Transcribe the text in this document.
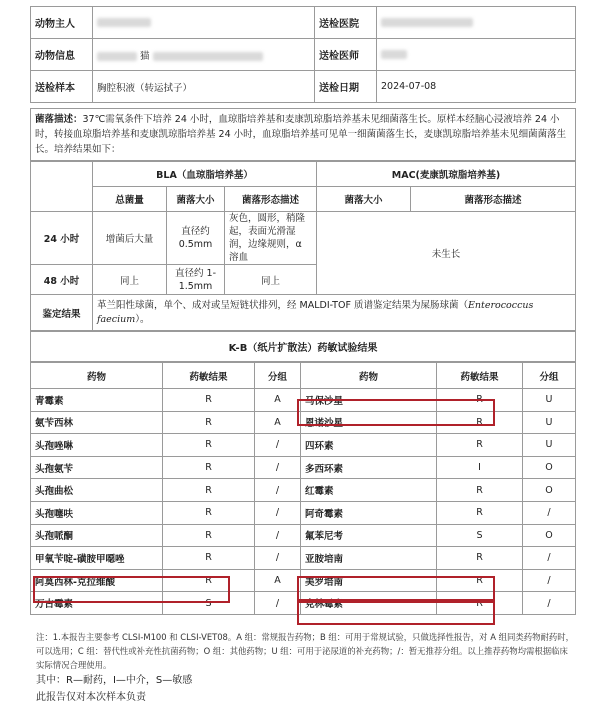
动物主人		送检医院	
动物信息	猫	送检医师	
送检样本	胸腔积液（转运拭子）	送检日期	2024-07-08
菌落描述：37℃需氧条件下培养 24 小时，血琼脂培养基和麦康凯琼脂培养基未见细菌落生长。原样本经脑心浸液培养 24 小时，转接血琼脂培养基和麦康凯琼脂培养基 24 小时，血琼脂培养基可见单一细菌菌落生长，麦康凯琼脂培养基未见细菌菌落生长。培养结果如下：
	BLA（血琼脂培养基）			MAC(麦康凯琼脂培养基)	
	总菌量	菌落大小	菌落形态描述	菌落大小	菌落形态描述
24 小时	增菌后大量	直径约 0.5mm	灰色，圆形，稍隆起，表面光滑湿润，边缘规则，α 溶血	未生长	
48 小时	同上	直径约 1-1.5mm	同上		
鉴定结果	革兰阳性球菌，单个、成对或呈短链状排列，经 MALDI-TOF 质谱鉴定结果为屎肠球菌（Enterococcus faecium）。				
K-B（纸片扩散法）药敏试验结果
药物	药敏结果	分组	药物	药敏结果	分组
青霉素	R	A	马保沙星	R	U
氨苄西林	R	A	恩诺沙星	R	U
头孢唑啉	R	/	四环素	R	U
头孢氨苄	R	/	多西环素	I	O
头孢曲松	R	/	红霉素	R	O
头孢噻呋	R	/	阿奇霉素	R	/
头孢哌酮	R	/	氟苯尼考	S	O
甲氧苄啶-磺胺甲噁唑	R	/	亚胺培南	R	/
阿莫西林-克拉维酸	R	A	美罗培南	R	/
万古霉素	S	/	克林霉素	R	/
注：1.本报告主要参考 CLSI-M100 和 CLSI-VET08。A 组：常规报告药物；B 组：可用于常规试验，只做选择性报告，对 A 组同类药物耐药时，可以选用；C 组：替代性或补充性抗菌药物；O 组：其他药物；U 组：可用于泌尿道的补充药物；/：暂无推荐分组。以上推荐药物均需根据临床实际情况合理使用。
其中：R—耐药，I—中介，S—敏感
此报告仅对本次样本负责
